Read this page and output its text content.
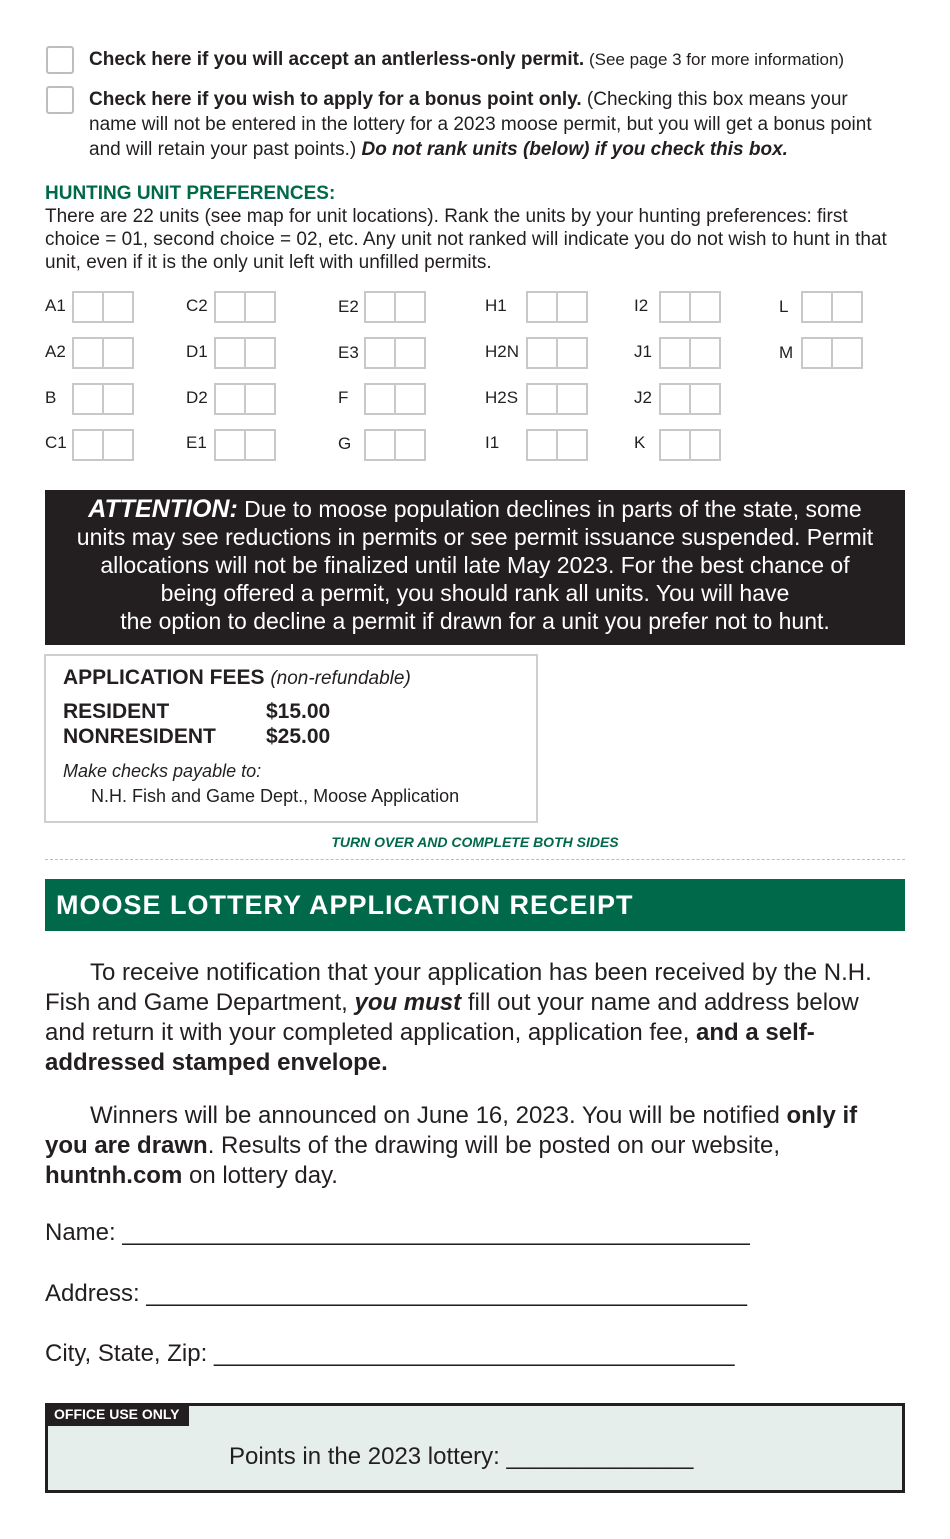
Check here if you will accept an antlerless-only permit. (See page 3 for more information)
Check here if you wish to apply for a bonus point only. (Checking this box means your name will not be entered in the lottery for a 2023 moose permit, but you will get a bonus point and will retain your past points.) Do not rank units (below) if you check this box.
HUNTING UNIT PREFERENCES:
There are 22 units (see map for unit locations). Rank the units by your hunting preferences: first choice = 01, second choice = 02, etc. Any unit not ranked will indicate you do not wish to hunt in that unit, even if it is the only unit left with unfilled permits.
A1
A2
B
C1
C2
D1
D2
E1
E2
E3
F
G
H1
H2N
H2S
I1
I2
J1
J2
K
L
M
ATTENTION: Due to moose population declines in parts of the state, some
units may see reductions in permits or see permit issuance suspended. Permit
allocations will not be finalized until late May 2023. For the best chance of
being offered a permit, you should rank all units. You will have
the option to decline a permit if drawn for a unit you prefer not to hunt.
APPLICATION FEES (non-refundable)
RESIDENT	$15.00
NONRESIDENT $25.00
Make checks payable to:
N.H. Fish and Game Dept., Moose Application
TURN OVER AND COMPLETE BOTH SIDES
MOOSE LOTTERY APPLICATION RECEIPT
To receive notification that your application has been received by the N.H. Fish and Game Department, you must fill out your name and address below and return it with your completed application, application fee, and a self-addressed stamped envelope.
Winners will be announced on June 16, 2023. You will be notified only if you are drawn. Results of the drawing will be posted on our website, huntnh.com on lottery day.
Name: _______________________________________________
Address: _____________________________________________
City, State, Zip: _______________________________________
OFFICE USE ONLY
Points in the 2023 lottery: ______________
